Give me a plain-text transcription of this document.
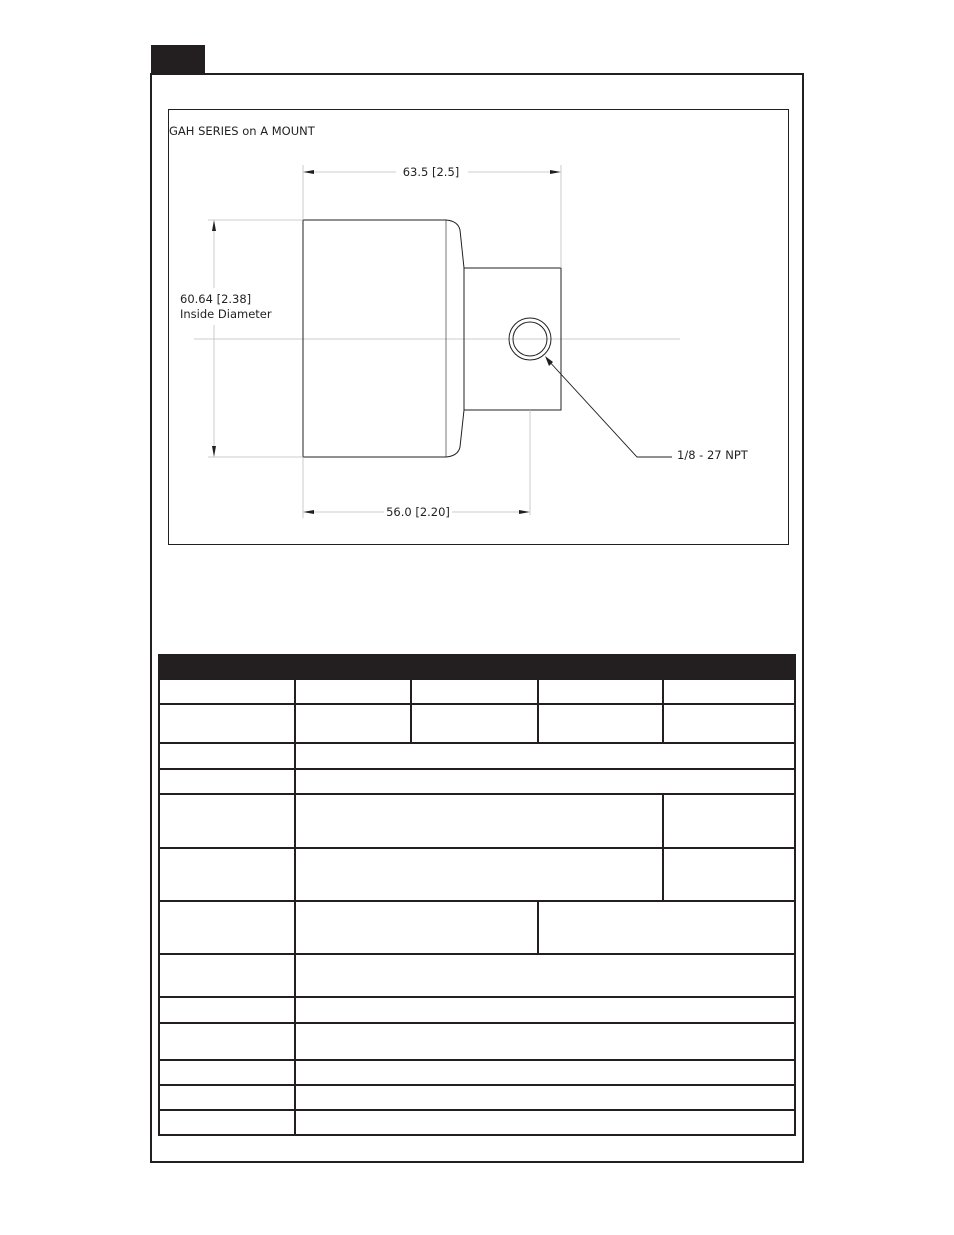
GAH SERIES on A MOUNT
63.5 [2.5]
60.64 [2.38]
Inside Diameter
56.0 [2.20]
1/8 - 27 NPT
